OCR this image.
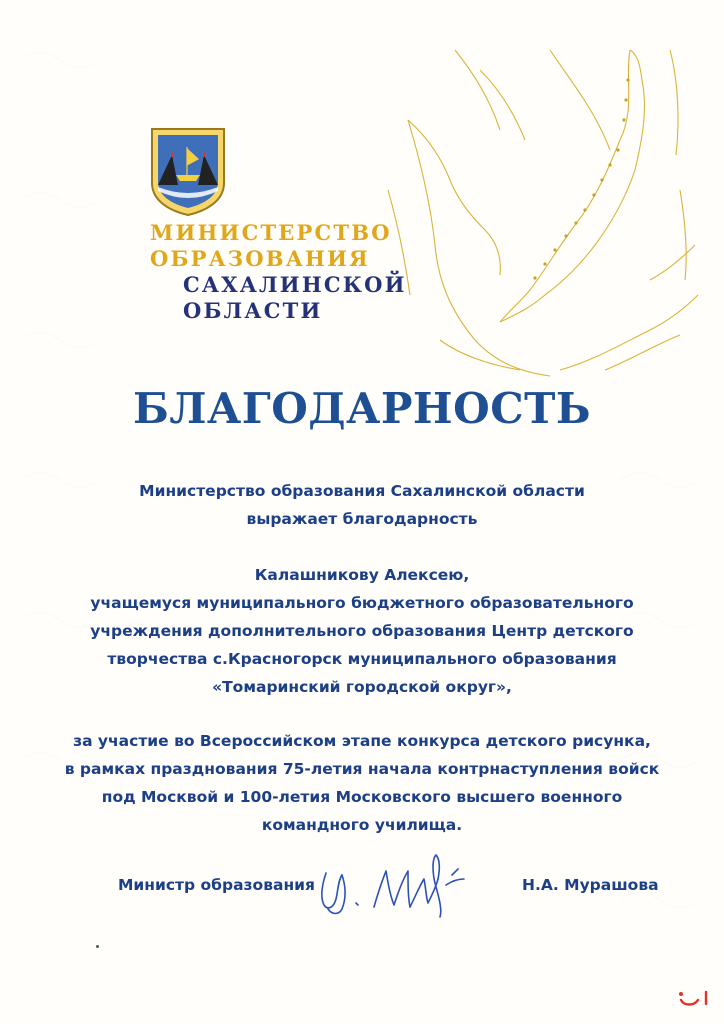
МИНИСТЕРСТВО
ОБРАЗОВАНИЯ
САХАЛИНСКОЙ
ОБЛАСТИ
БЛАГОДАРНОСТЬ
Министерство образования Сахалинской области
выражает благодарность
Калашникову Алексею,
учащемуся муниципального бюджетного образовательного
учреждения дополнительного образования Центр детского
творчества с.Красногорск муниципального образования
«Томаринский городской округ»,
за участие во Всероссийском этапе конкурса детского рисунка,
в рамках празднования 75-летия начала контрнаступления войск
под Москвой и 100-летия Московского высшего военного
командного училища.
Министр образования	Н.А. Мурашова
